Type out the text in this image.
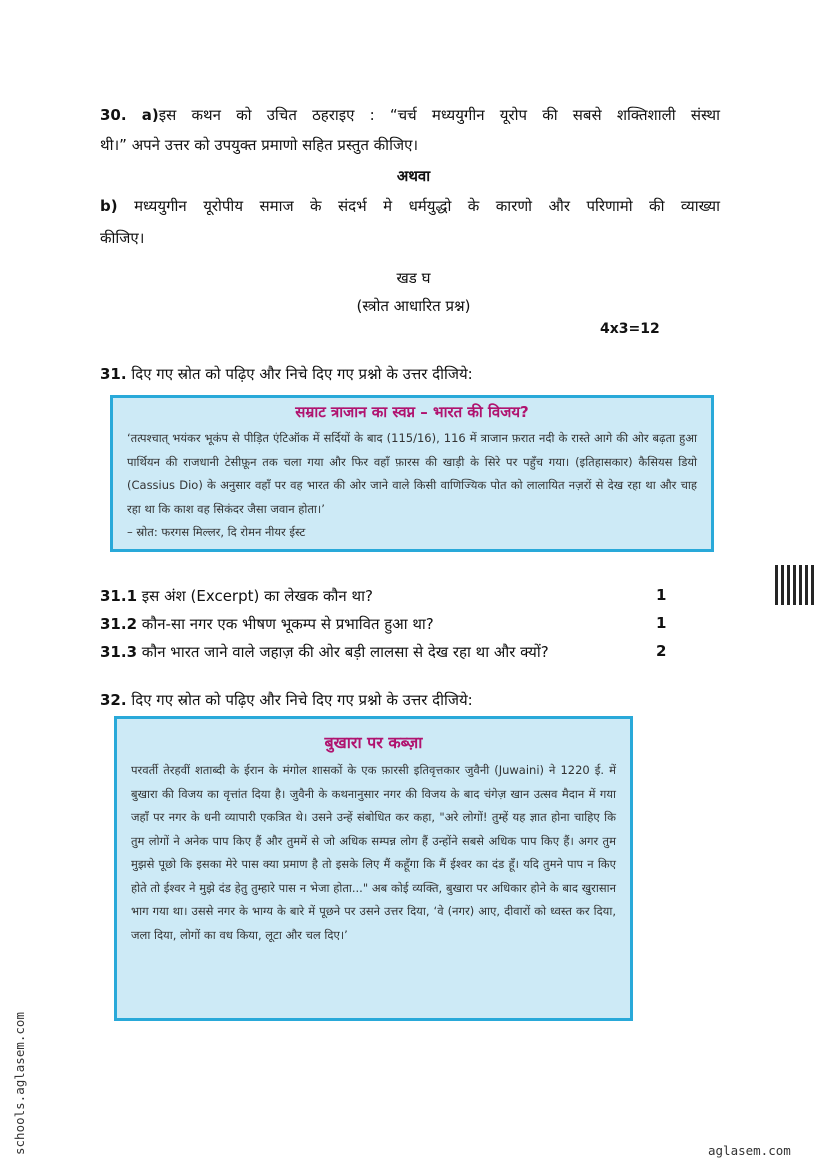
30. a)इस कथन को उचित ठहराइए : “चर्च मध्ययुगीन यूरोप की सबसे शक्तिशाली संस्था
थी।” अपने उत्तर को उपयुक्त प्रमाणो सहित प्रस्तुत कीजिए।
अथवा
b) मध्ययुगीन यूरोपीय समाज के संदर्भ मे धर्मयुद्धो के कारणो और परिणामो की व्याख्या
कीजिए।
खड घ
(स्त्रोत आधारित प्रश्न)
4x3=12
31. दिए गए स्रोत को पढ़िए और निचे दिए गए प्रश्नो के उत्तर दीजिये:
सम्राट त्राजान का स्वप्न – भारत की विजय?
‘तत्पश्चात् भयंकर भूकंप से पीड़ित एंटिऑक में सर्दियों के बाद (115/16), 116 में त्राजान फ़रात नदी के रास्ते आगे की ओर बढ़ता हुआ पार्थियन की राजधानी टेसीफ़ून तक चला गया और फिर वहाँ फ़ारस की खाड़ी के सिरे पर पहुँच गया। (इतिहासकार) कैसियस डियो (Cassius Dio) के अनुसार वहाँ पर वह भारत की ओर जाने वाले किसी वाणिज्यिक पोत को लालायित नज़रों से देख रहा था और चाह रहा था कि काश वह सिकंदर जैसा जवान होता।’
– स्रोत: फरगस मिल्लर, दि रोमन नीयर ईस्ट
31.1 इस अंश (Excerpt) का लेखक कौन था?	1
31.2 कौन-सा नगर एक भीषण भूकम्प से प्रभावित हुआ था?	1
31.3 कौन भारत जाने वाले जहाज़ की ओर बड़ी लालसा से देख रहा था और क्यों?	2
32. दिए गए स्रोत को पढ़िए और निचे दिए गए प्रश्नो के उत्तर दीजिये:
बुखारा पर कब्ज़ा
परवर्ती तेरहवीं शताब्दी के ईरान के मंगोल शासकों के एक फ़ारसी इतिवृत्तकार जुवैनी (Juwaini) ने 1220 ई. में बुखारा की विजय का वृत्तांत दिया है। जुवैनी के कथनानुसार नगर की विजय के बाद चंगेज़ खान उत्सव मैदान में गया जहाँ पर नगर के धनी व्यापारी एकत्रित थे। उसने उन्हें संबोधित कर कहा, "अरे लोगों! तुम्हें यह ज्ञात होना चाहिए कि तुम लोगों ने अनेक पाप किए हैं और तुममें से जो अधिक सम्पन्न लोग हैं उन्होंने सबसे अधिक पाप किए हैं। अगर तुम मुझसे पूछो कि इसका मेरे पास क्या प्रमाण है तो इसके लिए मैं कहूँगा कि मैं ईश्वर का दंड हूँ। यदि तुमने पाप न किए होते तो ईश्वर ने मुझे दंड हेतु तुम्हारे पास न भेजा होता..." अब कोई व्यक्ति, बुखारा पर अधिकार होने के बाद खुरासान भाग गया था। उससे नगर के भाग्य के बारे में पूछने पर उसने उत्तर दिया, ‘वे (नगर) आए, दीवारों को ध्वस्त कर दिया, जला दिया, लोगों का वध किया, लूटा और चल दिए।’
schools.aglasem.com	aglasem.com
